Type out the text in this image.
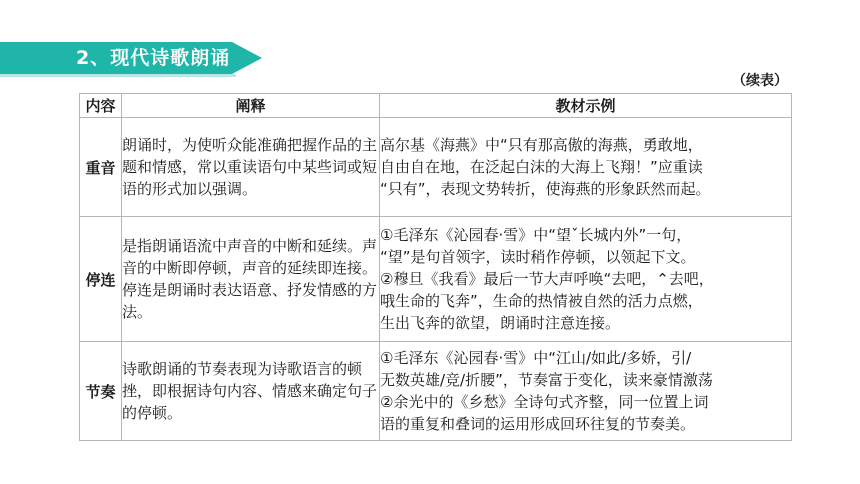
2、现代诗歌朗诵
（续表）
内容	阐释	教材示例
重音	朗诵时，为使听众能准确把握作品的主题和情感，常以重读语句中某些词或短语的形式加以强调。	高尔基《海燕》中“只有那高傲的海燕，勇敢地，
自由自在地，在泛起白沫的大海上飞翔！”应重读
“只有”，表现文势转折，使海燕的形象跃然而起。

停连	是指朗诵语流中声音的中断和延续。声音的中断即停顿，声音的延续即连接。停连是朗诵时表达语意、抒发情感的方法。	①毛泽东《沁园春·雪》中“望ˇ长城内外”一句，
“望”是句首领字，读时稍作停顿，以领起下文。
②穆旦《我看》最后一节大声呼唤“去吧，⌃去吧，
哦生命的飞奔”，生命的热情被自然的活力点燃，
生出飞奔的欲望，朗诵时注意连接。

节奏	诗歌朗诵的节奏表现为诗歌语言的顿挫，即根据诗句内容、情感来确定句子的停顿。	①毛泽东《沁园春·雪》中“江山/如此/多娇，引/
无数英雄/竞/折腰”，节奏富于变化，读来豪情激荡
②余光中的《乡愁》全诗句式齐整，同一位置上词
语的重复和叠词的运用形成回环往复的节奏美。
